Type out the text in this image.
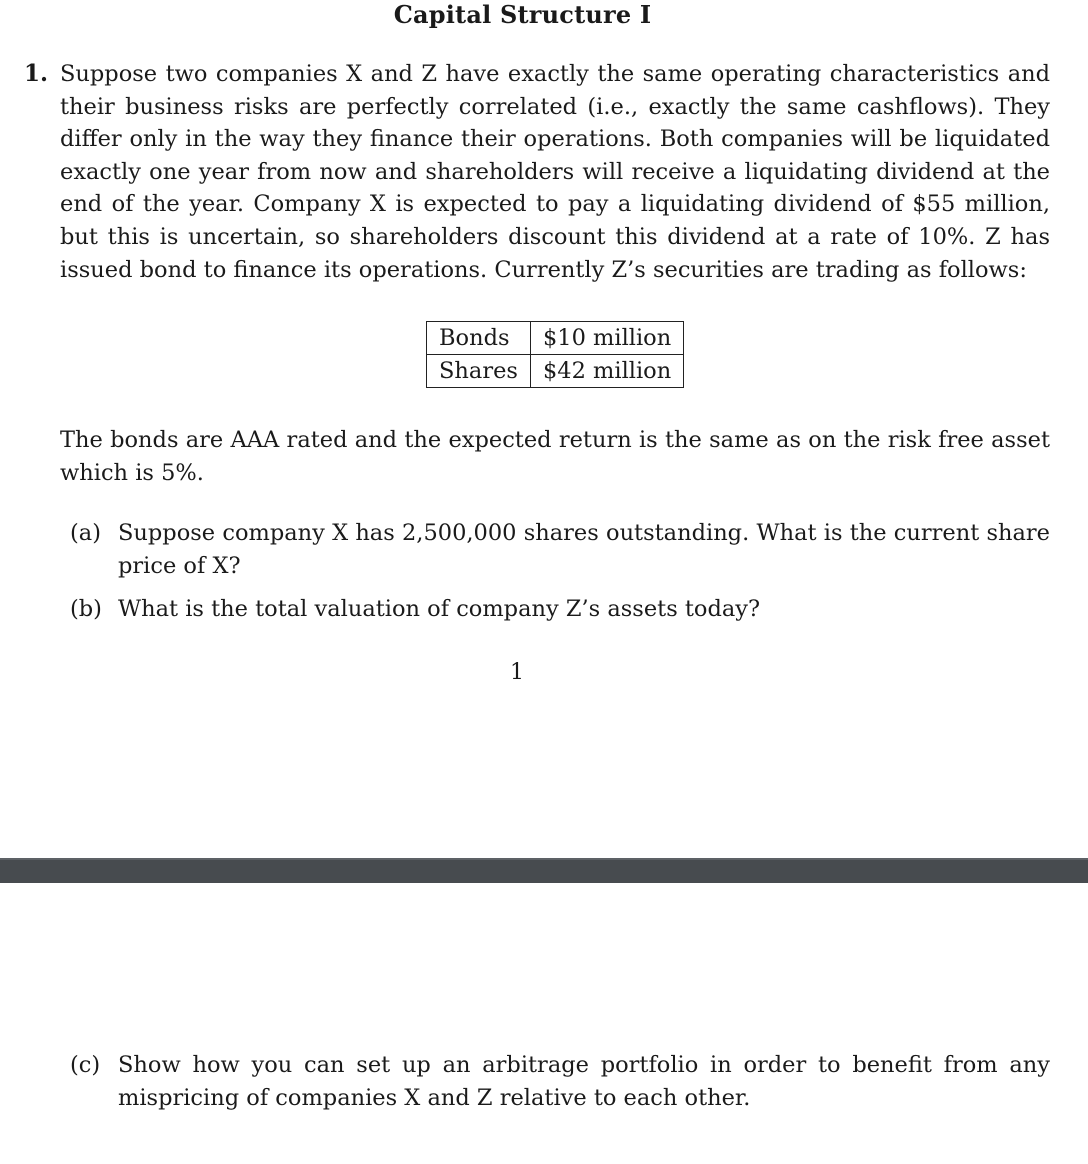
Capital Structure I
1. Suppose two companies X and Z have exactly the same operating characteristics and their business risks are perfectly correlated (i.e., exactly the same cashflows). They differ only in the way they finance their operations. Both companies will be liquidated exactly one year from now and shareholders will receive a liquidating dividend at the end of the year. Company X is expected to pay a liquidating dividend of $55 million, but this is uncertain, so shareholders discount this dividend at a rate of 10%. Z has issued bond to finance its operations. Currently Z’s securities are trading as follows:
Bonds	$10 million
Shares	$42 million
The bonds are AAA rated and the expected return is the same as on the risk free asset which is 5%.
(a) Suppose company X has 2,500,000 shares outstanding. What is the current share price of X?
(b) What is the total valuation of company Z’s assets today?
1
(c) Show how you can set up an arbitrage portfolio in order to benefit from any mispricing of companies X and Z relative to each other.
